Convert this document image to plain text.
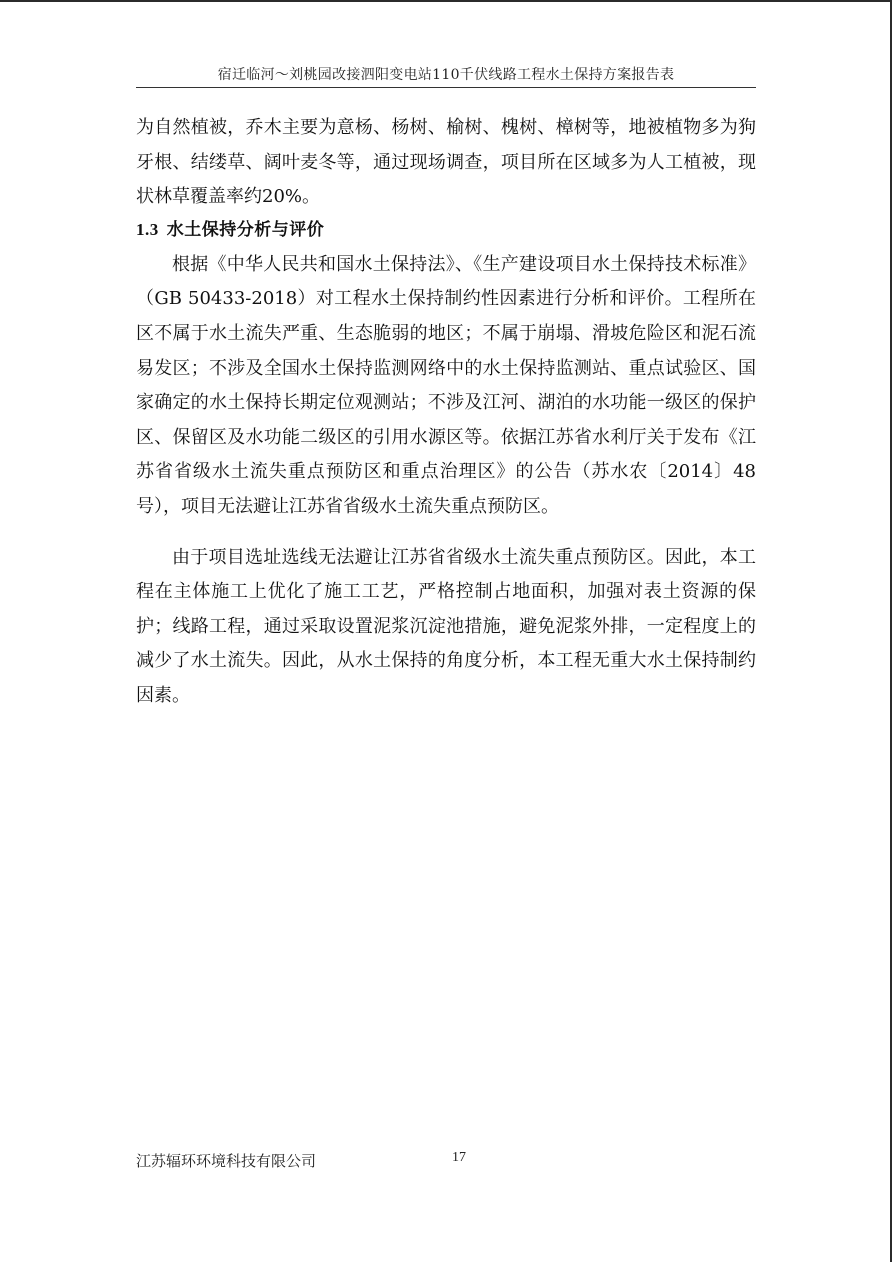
宿迁临河～刘桃园改接泗阳变电站110千伏线路工程水土保持方案报告表

为自然植被，乔木主要为意杨、杨树、榆树、槐树、樟树等，地被植物多为狗牙根、结缕草、阔叶麦冬等，通过现场调查，项目所在区域多为人工植被，现状林草覆盖率约20%。

1.3 水土保持分析与评价

根据《中华人民共和国水土保持法》、《生产建设项目水土保持技术标准》（GB 50433-2018）对工程水土保持制约性因素进行分析和评价。工程所在区不属于水土流失严重、生态脆弱的地区；不属于崩塌、滑坡危险区和泥石流易发区；不涉及全国水土保持监测网络中的水土保持监测站、重点试验区、国家确定的水土保持长期定位观测站；不涉及江河、湖泊的水功能一级区的保护区、保留区及水功能二级区的引用水源区等。依据江苏省水利厅关于发布《江苏省省级水土流失重点预防区和重点治理区》的公告（苏水农〔2014〕48号），项目无法避让江苏省省级水土流失重点预防区。

由于项目选址选线无法避让江苏省省级水土流失重点预防区。因此，本工程在主体施工上优化了施工工艺，严格控制占地面积，加强对表土资源的保护；线路工程，通过采取设置泥浆沉淀池措施，避免泥浆外排，一定程度上的减少了水土流失。因此，从水土保持的角度分析，本工程无重大水土保持制约因素。

江苏辐环环境科技有限公司	17
